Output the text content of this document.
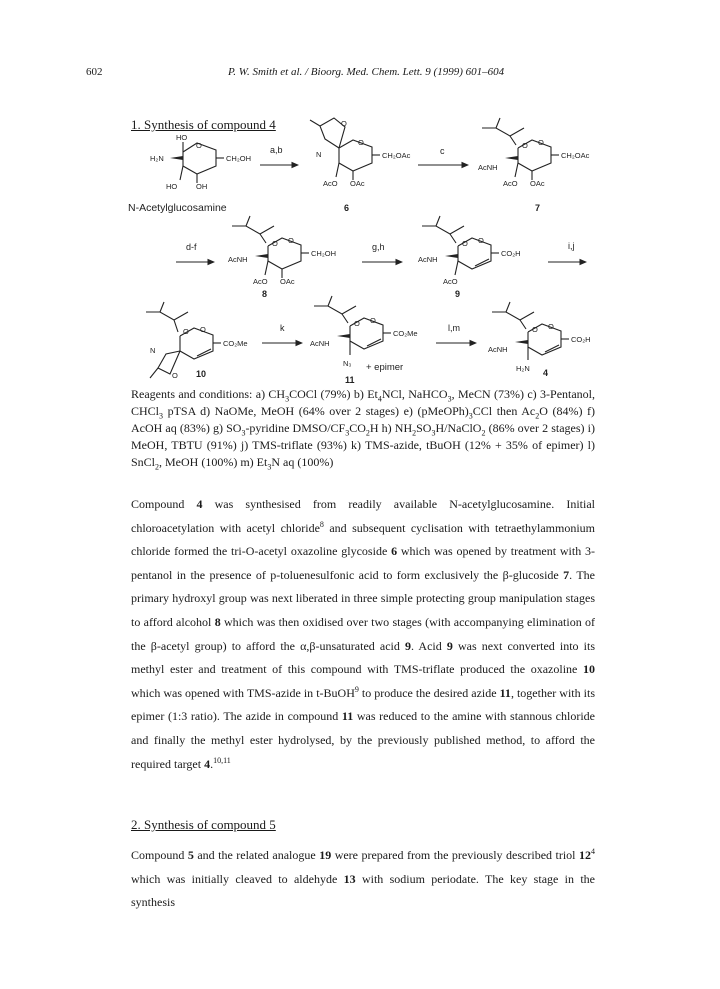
602	P. W. Smith et al. / Bioorg. Med. Chem. Lett. 9 (1999) 601–604
1. Synthesis of compound 4
HO
O
H₂N	CH₂OH
HO	OH
N-Acetylglucosamine
a,b
O
O
N	CH₂OAc
AcO OAc
6
c
O O
AcNH
CH₂OAc
AcO OAc
7
d-f	O O
AcNH
CH₂OH
AcO OAc
8
g,h	O O
AcNH
CO₂H
AcO
9
i,j
O O
N
O
CO₂Me
10
k	O O
AcNH
CO₂Me
N₃ + epimer
11
l,m	O O
AcNH
CO₂H
H₂N 4
Reagents and conditions: a) $CH_3COCl$ (79%) b) $Et_4NCl$, NaHCO$_3$, MeCN (73%) c) 3-Pentanol, CHCl$_3$ pTSA d) NaOMe, MeOH (64% over 2 stages) e) $(pMeOPh)_3CCl$ then $Ac_2O$ (84%) f) AcOH aq (83%) g) $SO_3$-pyridine DMSO/$CF_3CO_2H$ h) $NH_2SO_3H/NaClO_2$ (86% over 2 stages) i) MeOH, TBTU (91%) j) TMS-triflate (93%) k) TMS-azide, tBuOH (12% + 35% of epimer) l) SnCl$_2$, MeOH (100%) m) $Et_3N$ aq (100%)
Compound 4 was synthesised from readily available N-acetylglucosamine. Initial chloroacetylation with acetyl chloride$^8$ and subsequent cyclisation with tetraethylammonium chloride formed the tri-O-acetyl oxazoline glycoside 6 which was opened by treatment with 3-pentanol in the presence of p-toluenesulfonic acid to form exclusively the β-glucoside 7. The primary hydroxyl group was next liberated in three simple protecting group manipulation stages to afford alcohol 8 which was then oxidised over two stages (with accompanying elimination of the β-acetyl group) to afford the α,β-unsaturated acid 9. Acid 9 was next converted into its methyl ester and treatment of this compound with TMS-triflate produced the oxazoline 10 which was opened with TMS-azide in t-BuOH$^9$ to produce the desired azide 11, together with its epimer (1:3 ratio). The azide in compound 11 was reduced to the amine with stannous chloride and finally the methyl ester hydrolysed, by the previously published method, to afford the required target 4.$^{10,11}$
2. Synthesis of compound 5
Compound 5 and the related analogue 19 were prepared from the previously described triol $12^4$ which was initially cleaved to aldehyde 13 with sodium periodate. The key stage in the synthesis
